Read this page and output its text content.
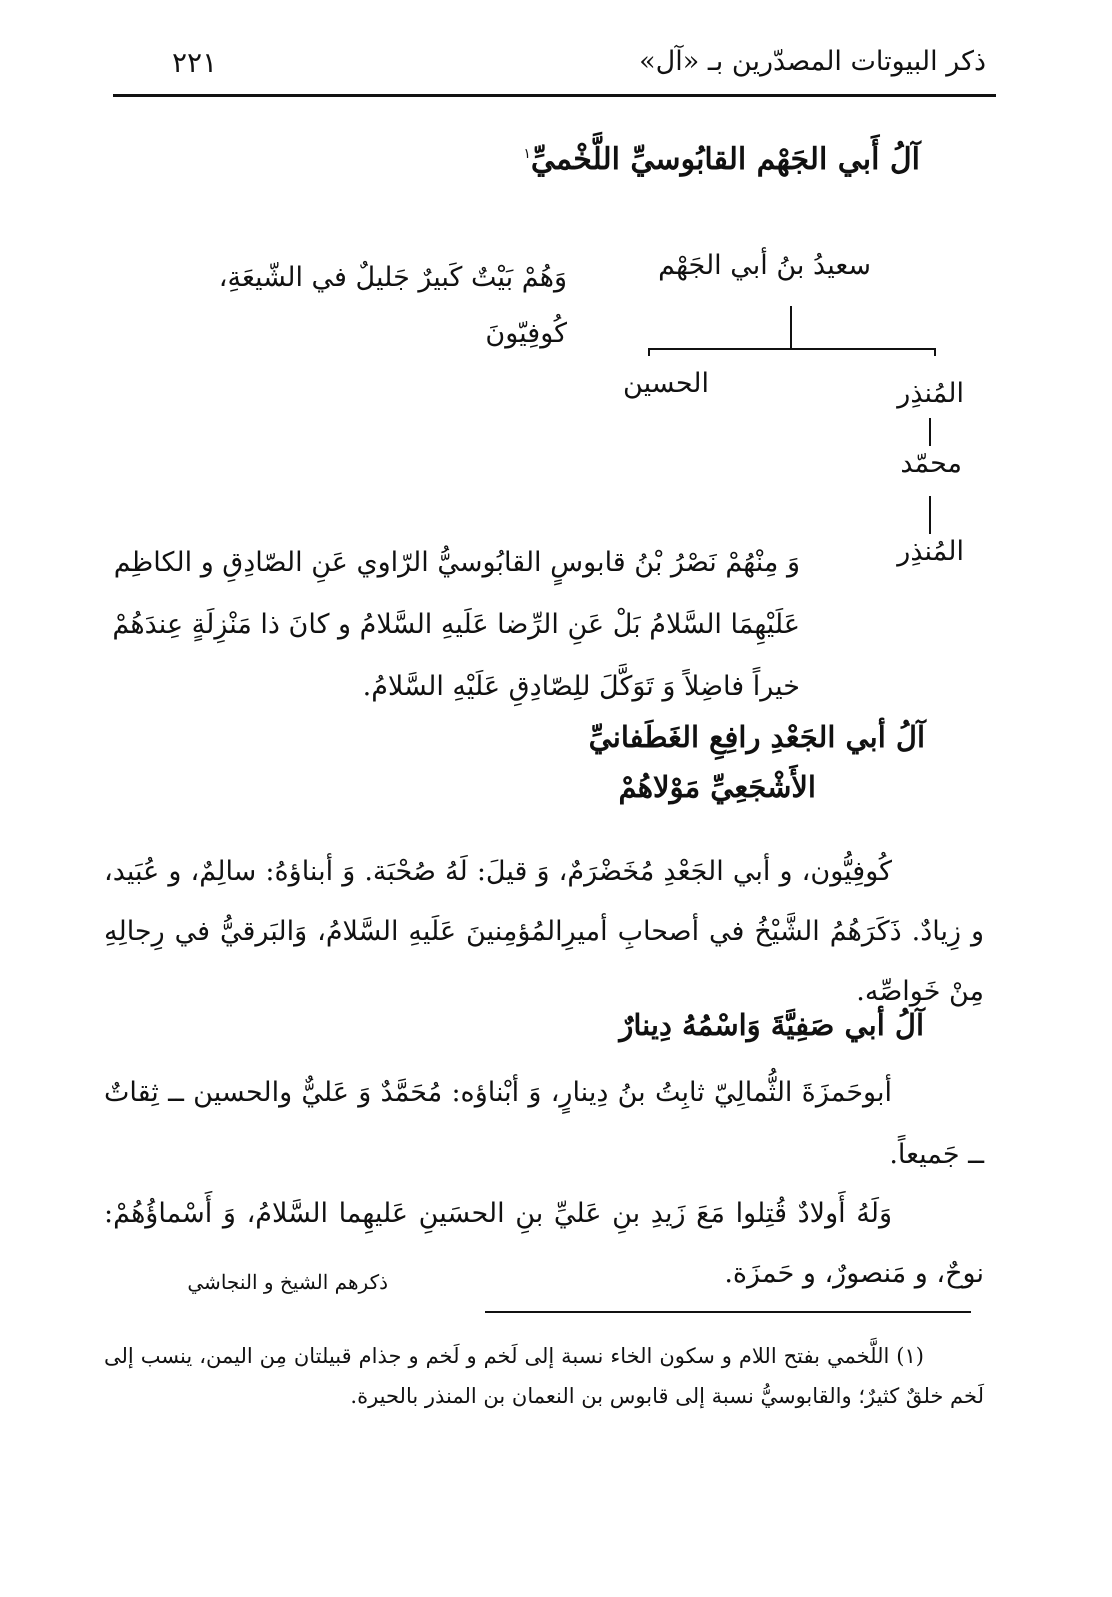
ذكر البيوتات المصدّرين بـ «آل»
٢٢١
آلُ أَبي الجَهْم القابُوسيِّ اللَّخْميِّ$^١$
سعيدُ بنُ أبي الجَهْم
وَهُمْ بَيْتٌ كَبيرٌ جَليلٌ في الشّيعَةِ، كُوفِيّونَ
المُنذِر
الحسين
محمّد
المُنذِر
وَ مِنْهُمْ نَصْرُ بْنُ قابوسٍ القابُوسيُّ الرّاوي عَنِ الصّادِقِ و الكاظِم عَلَيْهِمَا السَّلامُ بَلْ عَنِ الرِّضا عَلَيهِ السَّلامُ و كانَ ذا مَنْزِلَةٍ عِندَهُمْ خيراً فاضِلاً وَ تَوَكَّلَ للِصّادِقِ عَلَيْهِ السَّلامُ.
آلُ أبي الجَعْدِ رافِعِ الغَطَفانيِّ
الأَشْجَعِيِّ مَوْلاهُمْ
كُوفِيُّون، و أبي الجَعْدِ مُخَضْرَمٌ، وَ قيلَ: لَهُ صُحْبَة. وَ أبناؤهُ: سالِمٌ، و عُبَيد، و زِيادٌ. ذَكَرَهُمُ الشَّيْخُ في أصحابِ أميرِالمُؤمِنينَ عَلَيهِ السَّلامُ، وَالبَرقيُّ في رِجالِهِ مِنْ خَواصِّه.
آلُ أبي صَفِيَّةَ وَاسْمُهُ دِينارٌ
أبوحَمزَةَ الثُّمالِيّ ثابِتُ بنُ دِينارٍ، وَ أبْناؤه: مُحَمَّدٌ وَ عَليٌّ والحسين ــ ثِقاتٌ ــ جَميعاً.
وَلَهُ أَولادٌ قُتِلوا مَعَ زَيدِ بنِ عَليِّ بنِ الحسَينِ عَليهِما السَّلامُ، وَ أَسْماؤُهُمْ: نوحٌ، و مَنصورٌ، و حَمزَة.
ذكرهم الشيخ و النجاشي
(١) اللَّخمي بفتح اللام و سكون الخاء نسبة إلى لَخم و لَخم و جذام قبيلتان مِن اليمن، ينسب إلى لَخم خلقٌ كثيرٌ؛ والقابوسيُّ نسبة إلى قابوس بن النعمان بن المنذر بالحيرة.
